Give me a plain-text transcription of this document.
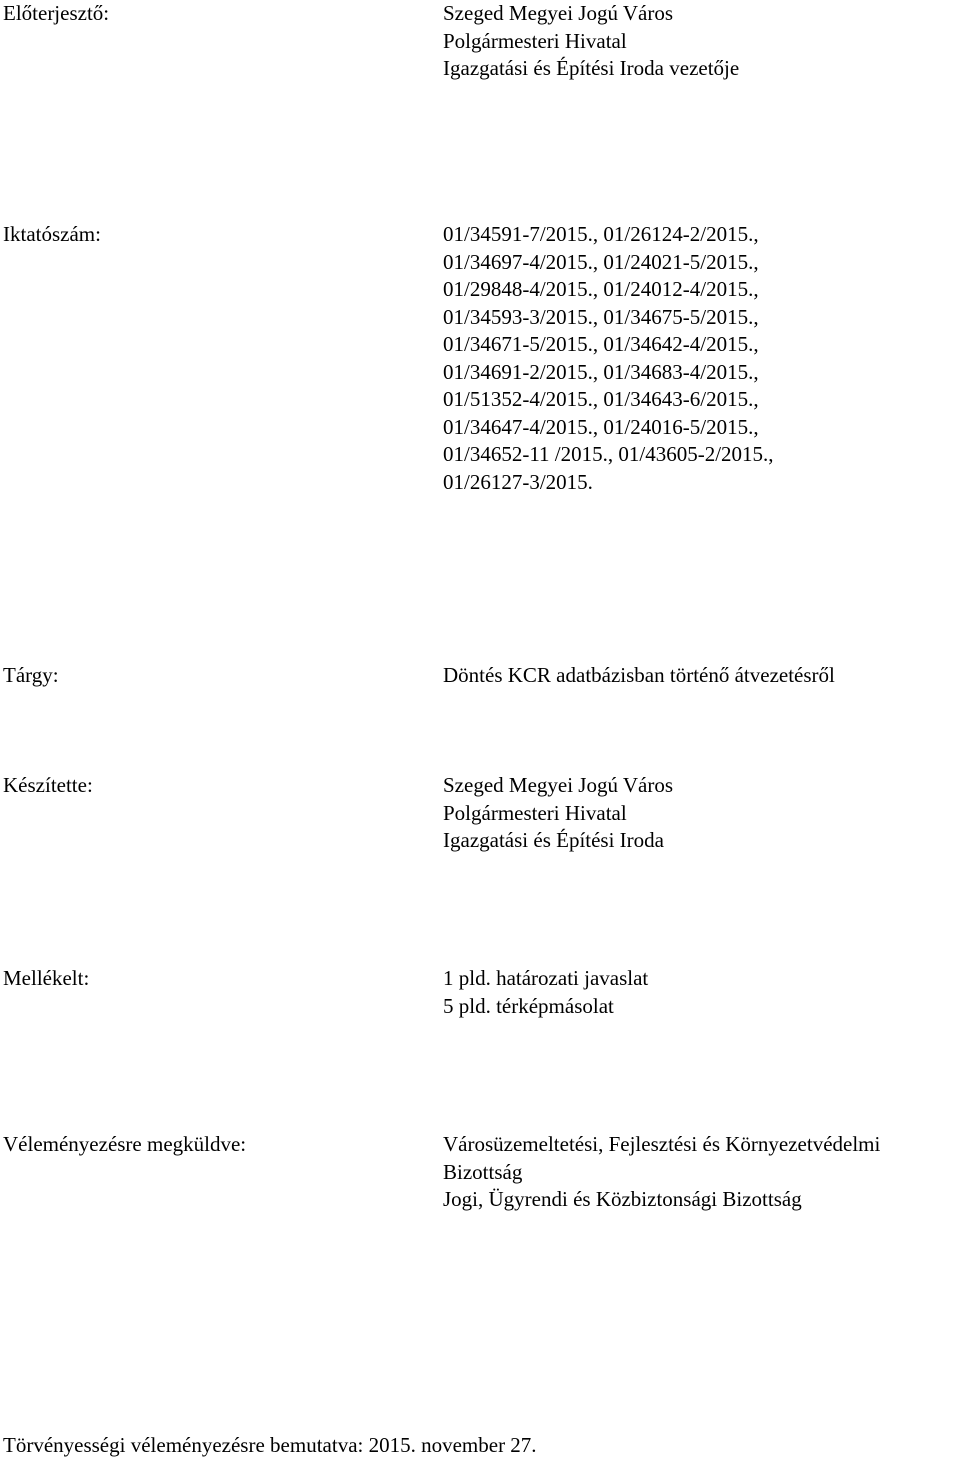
Előterjesztő:	Szeged Megyei Jogú Város
Polgármesteri Hivatal
Igazgatási és Építési Iroda vezetője
Iktatószám:	01/34591-7/2015., 01/26124-2/2015.,
01/34697-4/2015., 01/24021-5/2015.,
01/29848-4/2015., 01/24012-4/2015.,
01/34593-3/2015., 01/34675-5/2015.,
01/34671-5/2015., 01/34642-4/2015.,
01/34691-2/2015., 01/34683-4/2015.,
01/51352-4/2015., 01/34643-6/2015.,
01/34647-4/2015., 01/24016-5/2015.,
01/34652-11 /2015., 01/43605-2/2015.,
01/26127-3/2015.
Tárgy:	Döntés KCR adatbázisban történő átvezetésről
Készítette:	Szeged Megyei Jogú Város
Polgármesteri Hivatal
Igazgatási és Építési Iroda
Mellékelt:	1 pld. határozati javaslat
5 pld. térképmásolat
Véleményezésre megküldve:	Városüzemeltetési, Fejlesztési és Környezetvédelmi
Bizottság
Jogi, Ügyrendi és Közbiztonsági Bizottság
Törvényességi véleményezésre bemutatva: 2015. november 27.
